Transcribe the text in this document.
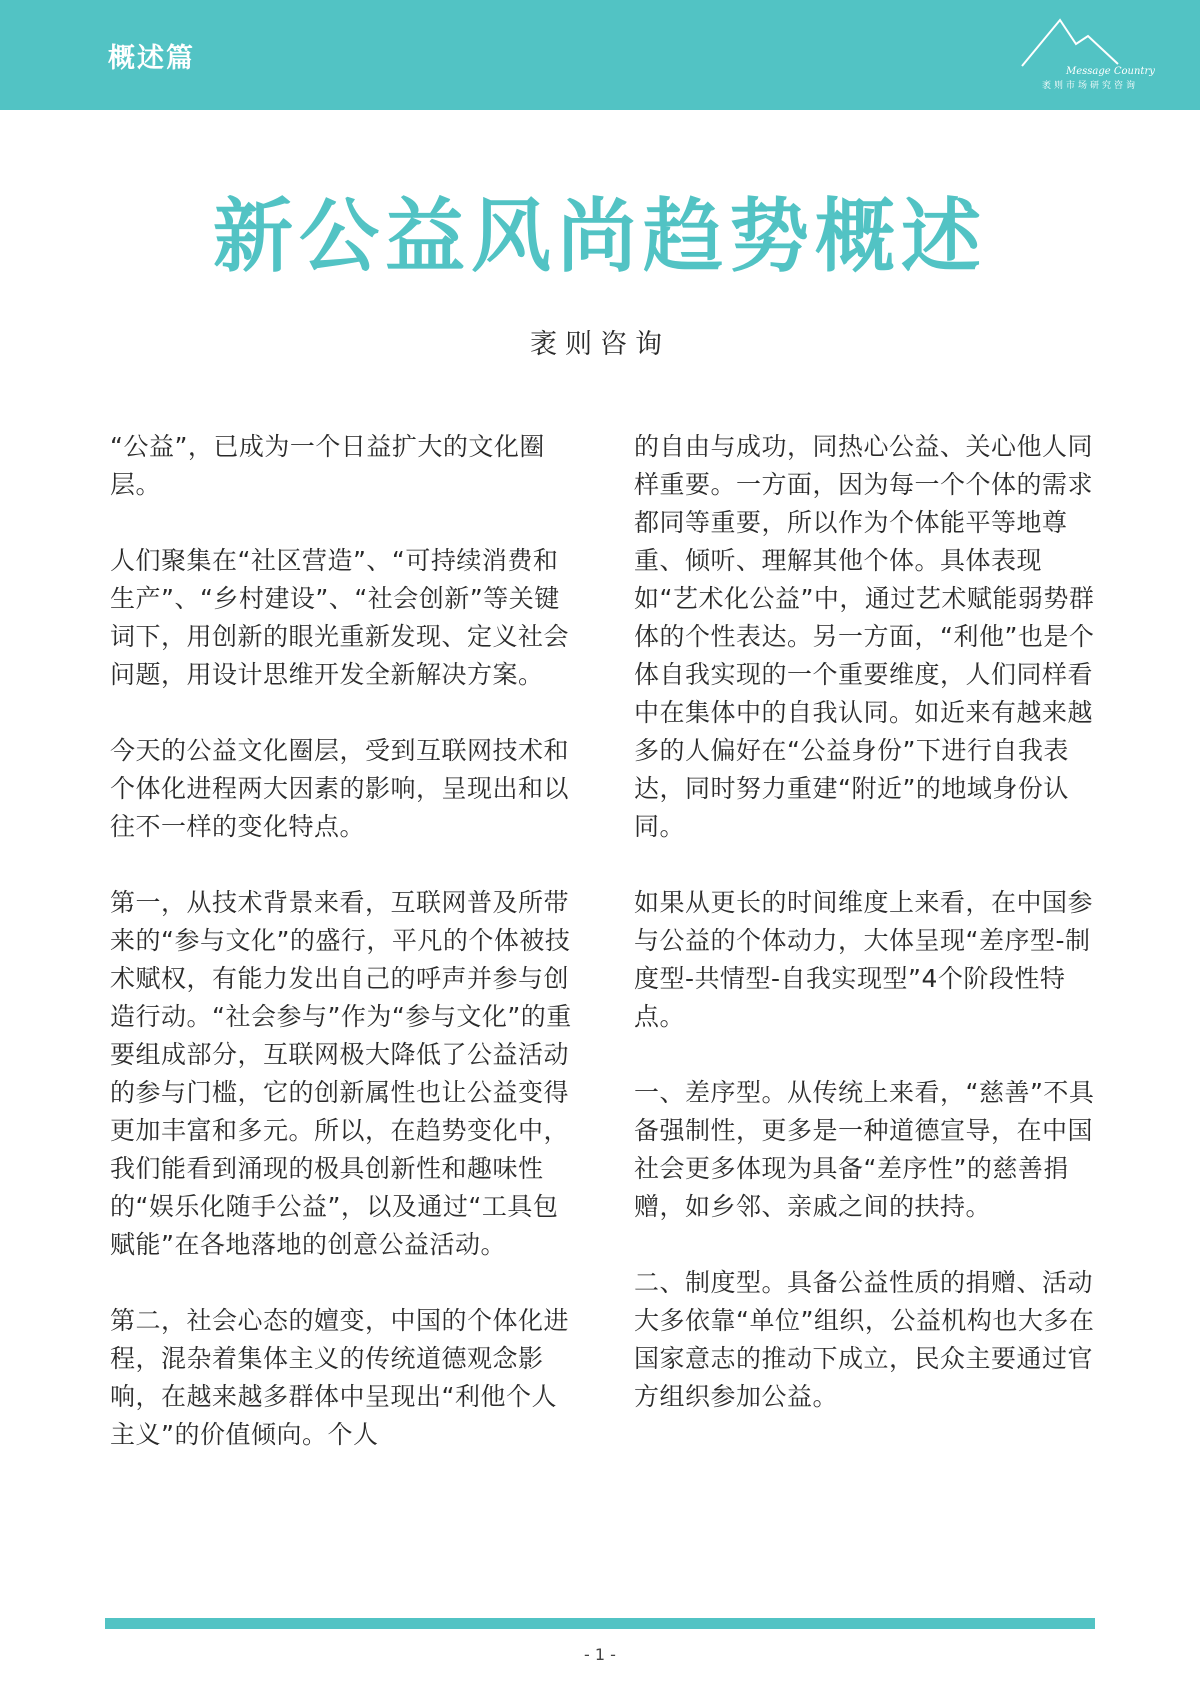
概述篇	Message Country
袤则市场研究咨询
新公益风尚趋势概述
袤则咨询

“公益”，已成为一个日益扩大的文化圈层。

人们聚集在“社区营造”、“可持续消费和生产”、“乡村建设”、“社会创新”等关键词下，用创新的眼光重新发现、定义社会问题，用设计思维开发全新解决方案。

今天的公益文化圈层，受到互联网技术和个体化进程两大因素的影响，呈现出和以往不一样的变化特点。

第一，从技术背景来看，互联网普及所带来的“参与文化”的盛行，平凡的个体被技术赋权，有能力发出自己的呼声并参与创造行动。“社会参与”作为“参与文化”的重要组成部分，互联网极大降低了公益活动的参与门槛，它的创新属性也让公益变得更加丰富和多元。所以，在趋势变化中，我们能看到涌现的极具创新性和趣味性的“娱乐化随手公益”，以及通过“工具包赋能”在各地落地的创意公益活动。

第二，社会心态的嬗变，中国的个体化进程，混杂着集体主义的传统道德观念影响，在越来越多群体中呈现出“利他个人主义”的价值倾向。个人

的自由与成功，同热心公益、关心他人同样重要。一方面，因为每一个个体的需求都同等重要，所以作为个体能平等地尊重、倾听、理解其他个体。具体表现如“艺术化公益”中，通过艺术赋能弱势群体的个性表达。另一方面，“利他”也是个体自我实现的一个重要维度，人们同样看中在集体中的自我认同。如近来有越来越多的人偏好在“公益身份”下进行自我表达，同时努力重建“附近”的地域身份认同。

如果从更长的时间维度上来看，在中国参与公益的个体动力，大体呈现“差序型-制度型-共情型-自我实现型”4个阶段性特点。

一、差序型。从传统上来看，“慈善”不具备强制性，更多是一种道德宣导，在中国社会更多体现为具备“差序性”的慈善捐赠，如乡邻、亲戚之间的扶持。

二、制度型。具备公益性质的捐赠、活动大多依靠“单位”组织，公益机构也大多在国家意志的推动下成立，民众主要通过官方组织参加公益。

- 1 -
